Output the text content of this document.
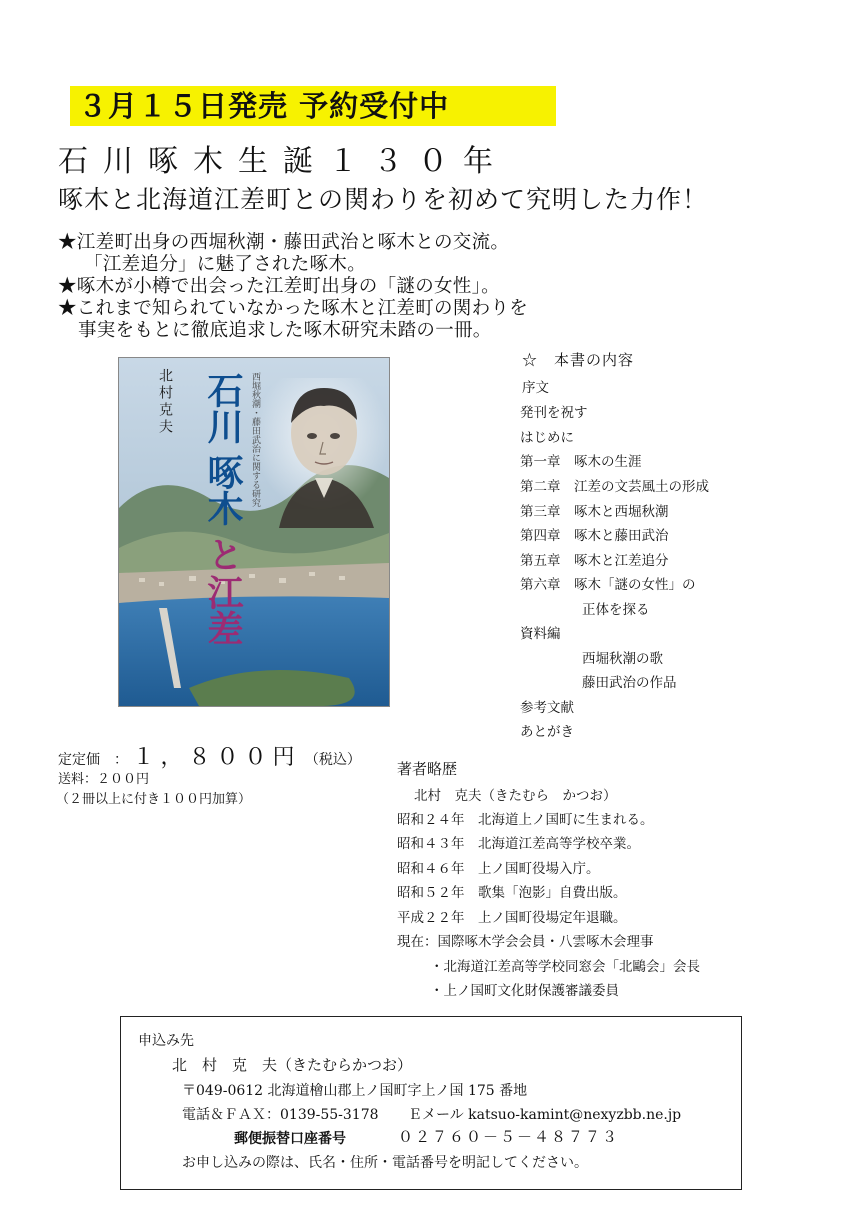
３月１５日発売 予約受付中
石川啄木生誕１３０年
啄木と北海道江差町との関わりを初めて究明した力作！
★江差町出身の西堀秋潮・藤田武治と啄木との交流。
「江差追分」に魅了された啄木。
★啄木が小樽で出会った江差町出身の「謎の女性」。
★これまで知られていなかった啄木と江差町の関わりを
事実をもとに徹底追求した啄木研究未踏の一冊。
北村克夫	西堀秋潮・藤田武治に関する研究
石川
啄木
と
江差
☆　本書の内容
序文
発刊を祝す
はじめに
第一章　啄木の生涯
第二章　江差の文芸風土の形成
第三章　啄木と西堀秋潮
第四章　啄木と藤田武治
第五章　啄木と江差追分
第六章　啄木「謎の女性」の
正体を探る
資料編
西堀秋潮の歌
藤田武治の作品
参考文献
あとがき
定定価　： １，８００円 （税込）
送料：２００円
（２冊以上に付き１００円加算）
著者略歴
北村　克夫（きたむら　かつお）
昭和２４年　北海道上ノ国町に生まれる。
昭和４３年　北海道江差高等学校卒業。
昭和４６年　上ノ国町役場入庁。
昭和５２年　歌集「泡影」自費出版。
平成２２年　上ノ国町役場定年退職。
現在：国際啄木学会会員・八雲啄木会理事
・北海道江差高等学校同窓会「北鷗会」会長
・上ノ国町文化財保護審議委員
申込み先
北　村　克　夫（きたむらかつお）
〒049-0612 北海道檜山郡上ノ国町字上ノ国 175 番地
電話＆ＦＡＸ：0139-55-3178 Ｅメール katsuo-kamint@nexyzbb.ne.jp
郵便振替口座番号	０２７６０－５－４８７７３
お申し込みの際は、氏名・住所・電話番号を明記してください。
